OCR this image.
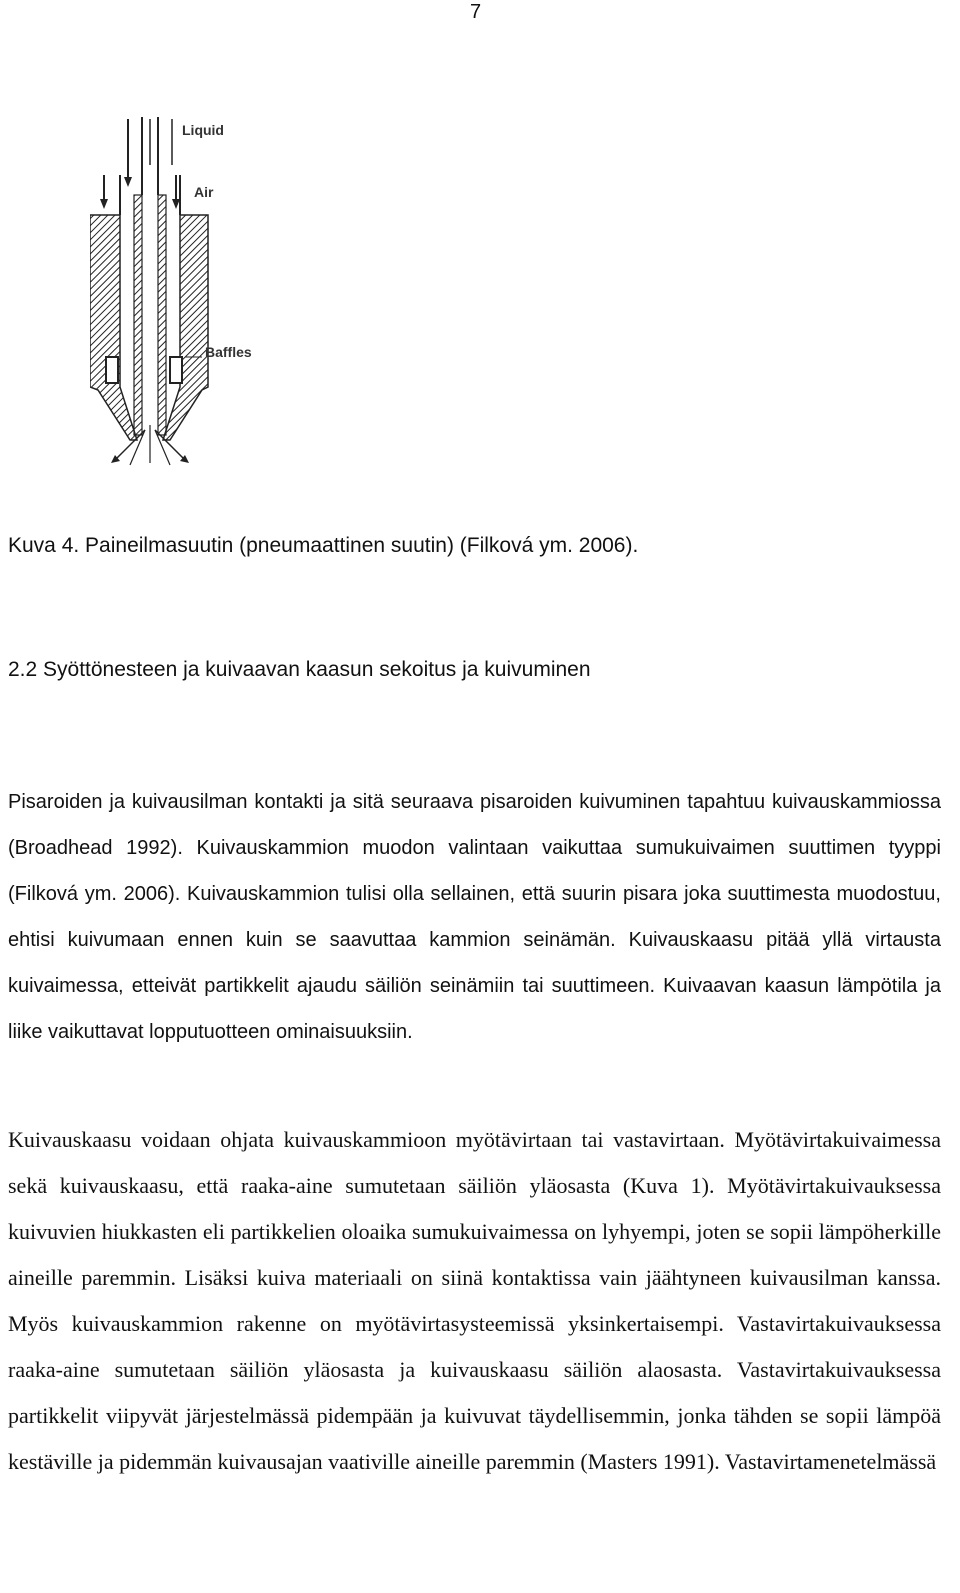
7
Liquid
Air
Baffles
Kuva 4. Paineilmasuutin (pneumaattinen suutin) (Filková ym. 2006).
2.2 Syöttönesteen ja kuivaavan kaasun sekoitus ja kuivuminen

Pisaroiden ja kuivausilman kontakti ja sitä seuraava pisaroiden kuivuminen tapahtuu kuivauskammiossa (Broadhead 1992). Kuivauskammion muodon valintaan vaikuttaa sumukuivaimen suuttimen tyyppi (Filková ym. 2006). Kuivauskammion tulisi olla sellainen, että suurin pisara joka suuttimesta muodostuu, ehtisi kuivumaan ennen kuin se saavuttaa kammion seinämän. Kuivauskaasu pitää yllä virtausta kuivaimessa, etteivät partikkelit ajaudu säiliön seinämiin tai suuttimeen. Kuivaavan kaasun lämpötila ja liike vaikuttavat lopputuotteen ominaisuuksiin.

Kuivauskaasu voidaan ohjata kuivauskammioon myötävirtaan tai vastavirtaan. Myötävirtakuivaimessa sekä kuivauskaasu, että raaka-aine sumutetaan säiliön yläosasta (Kuva 1). Myötävirtakuivauksessa kuivuvien hiukkasten eli partikkelien oloaika sumukuivaimessa on lyhyempi, joten se sopii lämpöherkille aineille paremmin. Lisäksi kuiva materiaali on siinä kontaktissa vain jäähtyneen kuivausilman kanssa. Myös kuivauskammion rakenne on myötävirtasysteemissä yksinkertaisempi. Vastavirtakuivauksessa raaka-aine sumutetaan säiliön yläosasta ja kuivauskaasu säiliön alaosasta. Vastavirtakuivauksessa partikkelit viipyvät järjestelmässä pidempään ja kuivuvat täydellisemmin, jonka tähden se sopii lämpöä kestäville ja pidemmän kuivausajan vaativille aineille paremmin (Masters 1991). Vastavirtamenetelmässä
